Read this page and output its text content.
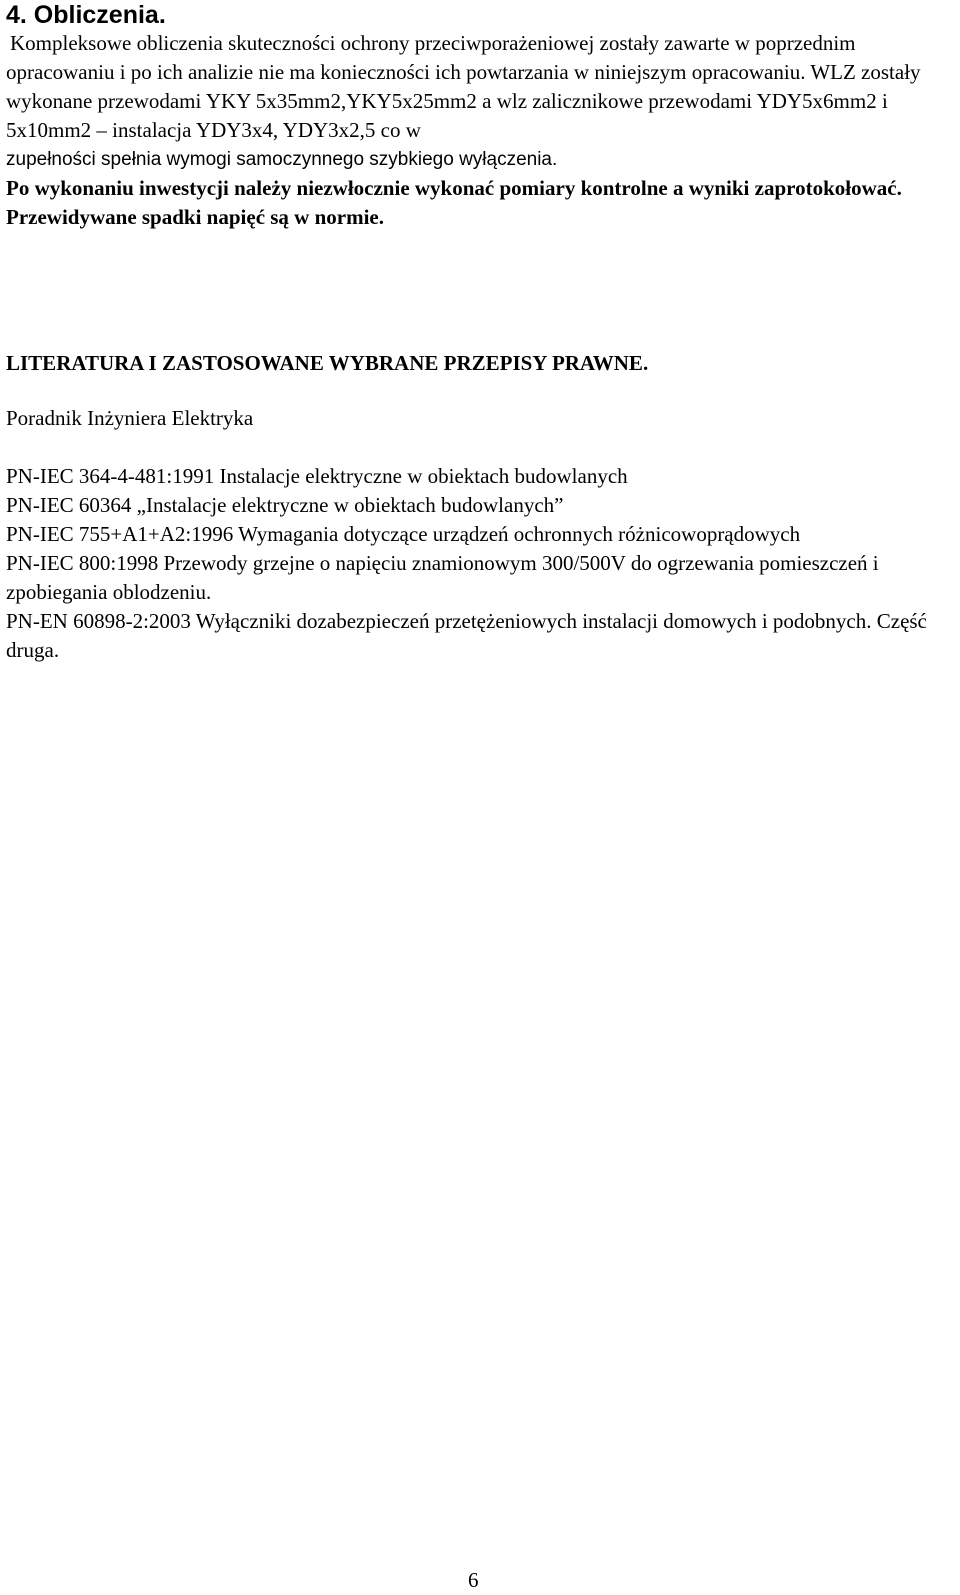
4. Obliczenia.

Kompleksowe obliczenia skuteczności ochrony przeciwporażeniowej zostały zawarte w poprzednim opracowaniu i po ich analizie nie ma konieczności ich powtarzania w niniejszym opracowaniu. WLZ zostały wykonane przewodami YKY 5x35mm2,YKY5x25mm2 a wlz zalicznikowe przewodami YDY5x6mm2 i 5x10mm2 – instalacja YDY3x4, YDY3x2,5 co w

zupełności spełnia wymogi samoczynnego szybkiego wyłączenia.

Po wykonaniu inwestycji należy niezwłocznie wykonać pomiary kontrolne a wyniki zaprotokołować. Przewidywane spadki napięć są w normie.

LITERATURA I ZASTOSOWANE WYBRANE PRZEPISY PRAWNE.

Poradnik Inżyniera Elektryka

PN-IEC 364-4-481:1991 Instalacje elektryczne w obiektach budowlanych

PN-IEC 60364 „Instalacje elektryczne w obiektach budowlanych”

PN-IEC 755+A1+A2:1996 Wymagania dotyczące urządzeń ochronnych różnicowoprądowych

PN-IEC 800:1998 Przewody grzejne o napięciu znamionowym 300/500V do ogrzewania pomieszczeń i zpobiegania oblodzeniu.

PN-EN 60898-2:2003 Wyłączniki dozabezpieczeń przetężeniowych instalacji domowych i podobnych. Część druga.

6
